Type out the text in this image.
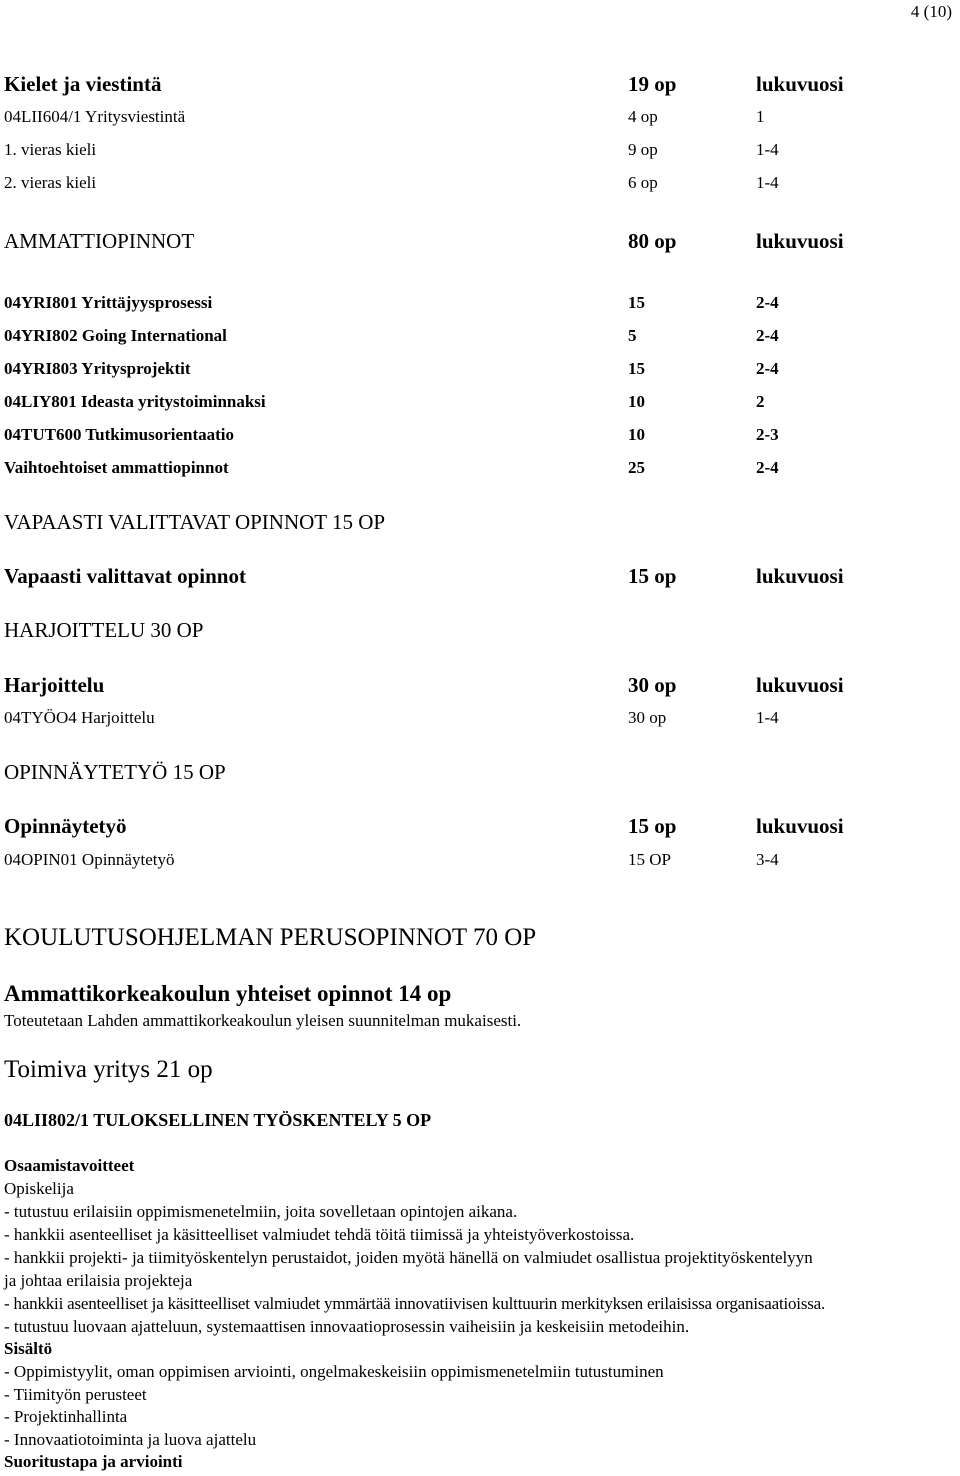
4 (10)
Kielet ja viestintä	19 op	lukuvuosi
04LII604/1 Yritysviestintä	4 op	1
1. vieras kieli	9 op	1-4
2. vieras kieli	6 op	1-4
AMMATTIOPINNOT	80 op	lukuvuosi
04YRI801 Yrittäjyysprosessi	15	2-4
04YRI802 Going International	5	2-4
04YRI803 Yritysprojektit	15	2-4
04LIY801 Ideasta yritystoiminnaksi	10	2
04TUT600 Tutkimusorientaatio	10	2-3
Vaihtoehtoiset ammattiopinnot	25	2-4
VAPAASTI VALITTAVAT OPINNOT 15 OP
Vapaasti valittavat opinnot	15 op	lukuvuosi
HARJOITTELU 30 OP
Harjoittelu	30 op	lukuvuosi
04TYÖO4 Harjoittelu	30 op	1-4
OPINNÄYTETYÖ 15 OP
Opinnäytetyö	15 op	lukuvuosi
04OPIN01 Opinnäytetyö	15 OP	3-4
KOULUTUSOHJELMAN PERUSOPINNOT 70 OP
Ammattikorkeakoulun yhteiset opinnot 14 op
Toteutetaan Lahden ammattikorkeakoulun yleisen suunnitelman mukaisesti.
Toimiva yritys 21 op
04LII802/1 TULOKSELLINEN TYÖSKENTELY 5 OP
Osaamistavoitteet
Opiskelija
- tutustuu erilaisiin oppimismenetelmiin, joita sovelletaan opintojen aikana.
- hankkii asenteelliset ja käsitteelliset valmiudet tehdä töitä tiimissä ja yhteistyöverkostoissa.
- hankkii projekti- ja tiimityöskentelyn perustaidot, joiden myötä hänellä on valmiudet osallistua projektityöskentelyyn
ja johtaa erilaisia projekteja
- hankkii asenteelliset ja käsitteelliset valmiudet ymmärtää innovatiivisen kulttuurin merkityksen erilaisissa organisaatioissa.
- tutustuu luovaan ajatteluun, systemaattisen innovaatioprosessin vaiheisiin ja keskeisiin metodeihin.
Sisältö
- Oppimistyylit, oman oppimisen arviointi, ongelmakeskeisiin oppimismenetelmiin tutustuminen
- Tiimityön perusteet
- Projektinhallinta
- Innovaatiotoiminta ja luova ajattelu
Suoritustapa ja arviointi
